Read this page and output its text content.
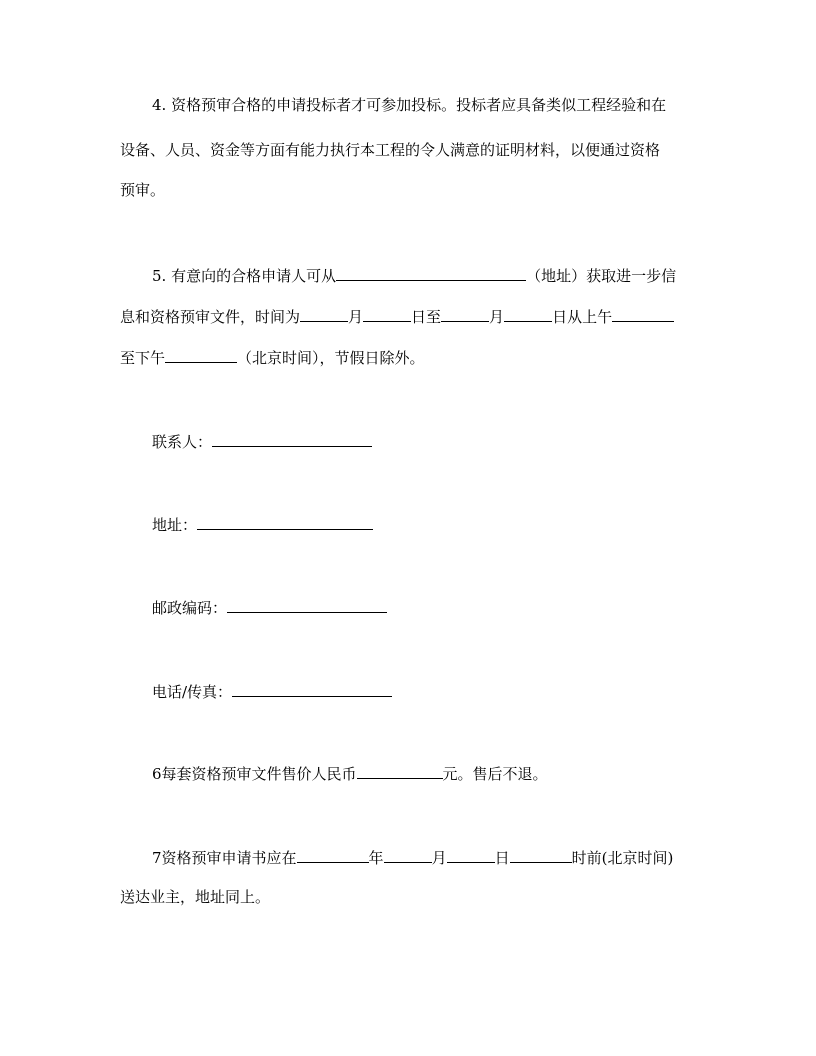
4. 资格预审合格的申请投标者才可参加投标。投标者应具备类似工程经验和在
设备、人员、资金等方面有能力执行本工程的令人满意的证明材料，以便通过资格
预审。
5. 有意向的合格申请人可从	（地址）获取进一步信
息和资格预审文件，时间为	月	日至	月	日从上午
至下午	（北京时间），节假日除外。
联系人：
地址：
邮政编码：
电话/传真：
6每套资格预审文件售价人民币	元。售后不退。
7资格预审申请书应在	年	月	日	时前(北京时间)
送达业主，地址同上。
